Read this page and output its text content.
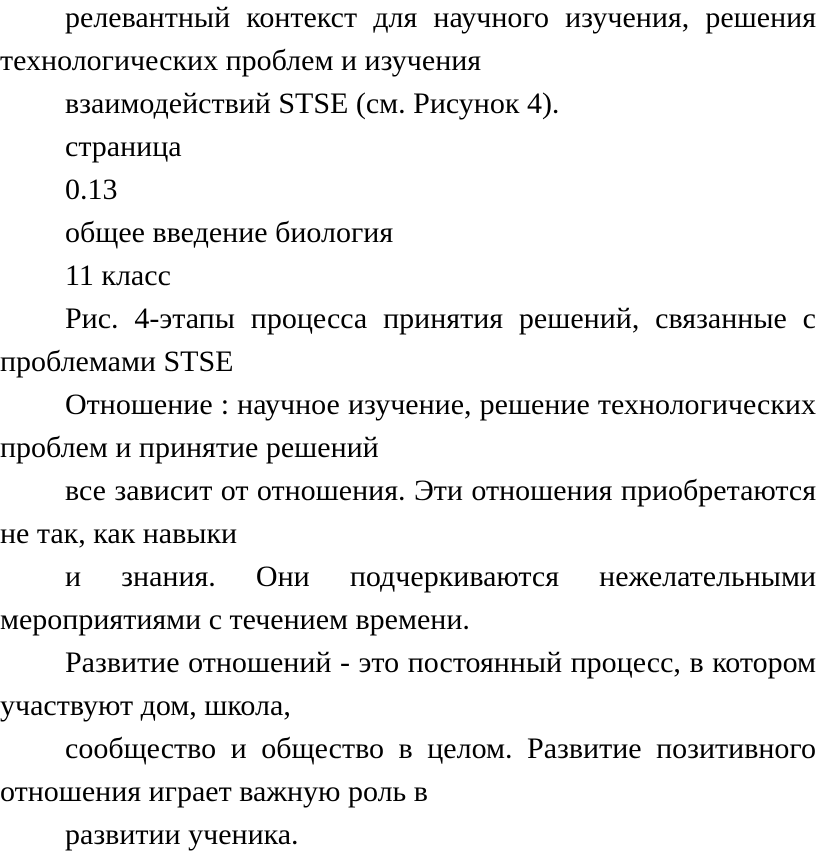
релевантный контекст для научного изучения, решения технологических проблем и изучения

взаимодействий STSE (см. Рисунок 4).

страница

0.13

общее введение биология

11 класс

Рис. 4-этапы процесса принятия решений, связанные с проблемами STSE

Отношение : научное изучение, решение технологических проблем и принятие решений

все зависит от отношения. Эти отношения приобретаются не так, как навыки

и знания. Они подчеркиваются нежелательными мероприятиями с течением времени.

Развитие отношений - это постоянный процесс, в котором участвуют дом, школа,

сообщество и общество в целом. Развитие позитивного отношения играет важную роль в

развитии ученика.
